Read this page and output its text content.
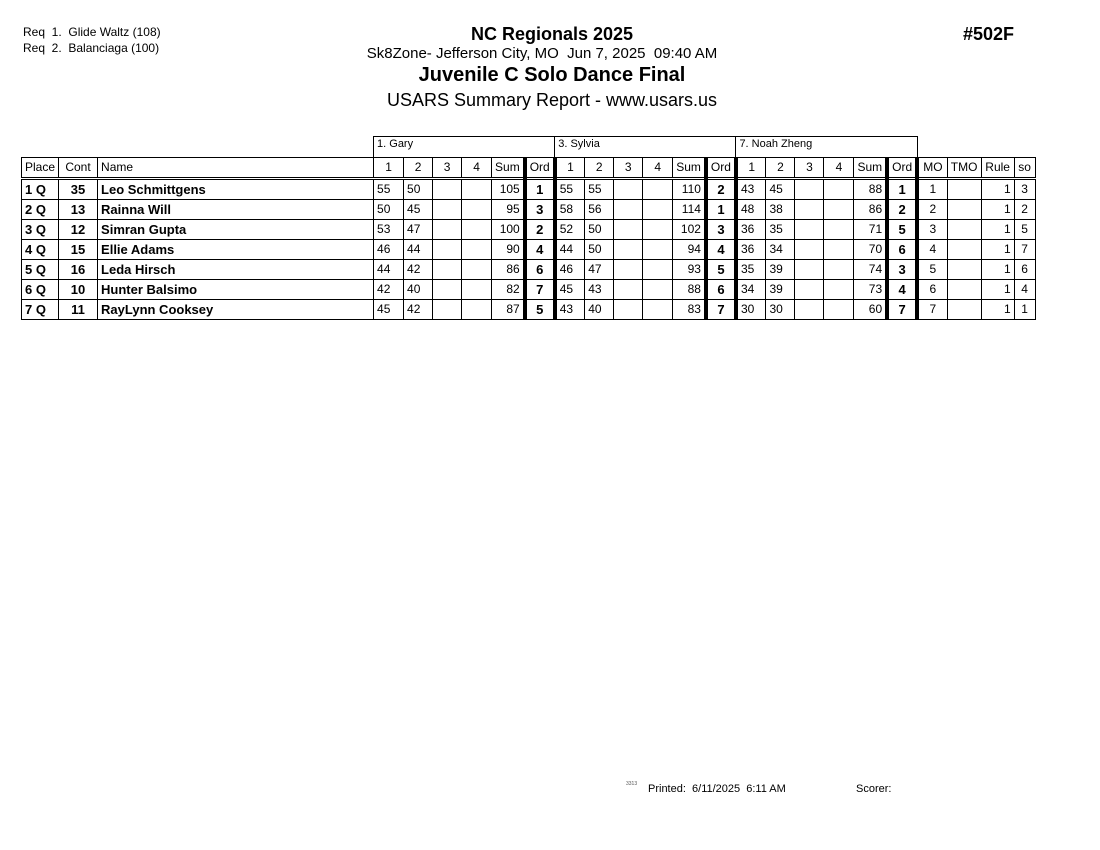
Req  1.  Glide Waltz (108)
Req  2.  Balanciaga (100)
NC Regionals 2025
Sk8Zone- Jefferson City, MO  Jun 7, 2025  09:40 AM
Juvenile C Solo Dance Final
USARS Summary Report - www.usars.us
#502F
			1. Gary						3. Sylvia						7. Noah Zheng									
Place	Cont	Name	1	2	3	4	Sum	Ord	1	2	3	4	Sum	Ord	1	2	3	4	Sum	Ord	MO	TMO	Rule	so
1 Q	35	Leo Schmittgens	55	50			105	1	55	55			110	2	43	45			88	1	1		1	3
2 Q	13	Rainna Will	50	45			95	3	58	56			114	1	48	38			86	2	2		1	2
3 Q	12	Simran Gupta	53	47			100	2	52	50			102	3	36	35			71	5	3		1	5
4 Q	15	Ellie Adams	46	44			90	4	44	50			94	4	36	34			70	6	4		1	7
5 Q	16	Leda Hirsch	44	42			86	6	46	47			93	5	35	39			74	3	5		1	6
6 Q	10	Hunter Balsimo	42	40			82	7	45	43			88	6	34	39			73	4	6		1	4
7 Q	11	RayLynn Cooksey	45	42			87	5	43	40			83	7	30	30			60	7	7		1	1
3313 Printed:  6/11/2025  6:11 AM	Scorer:
